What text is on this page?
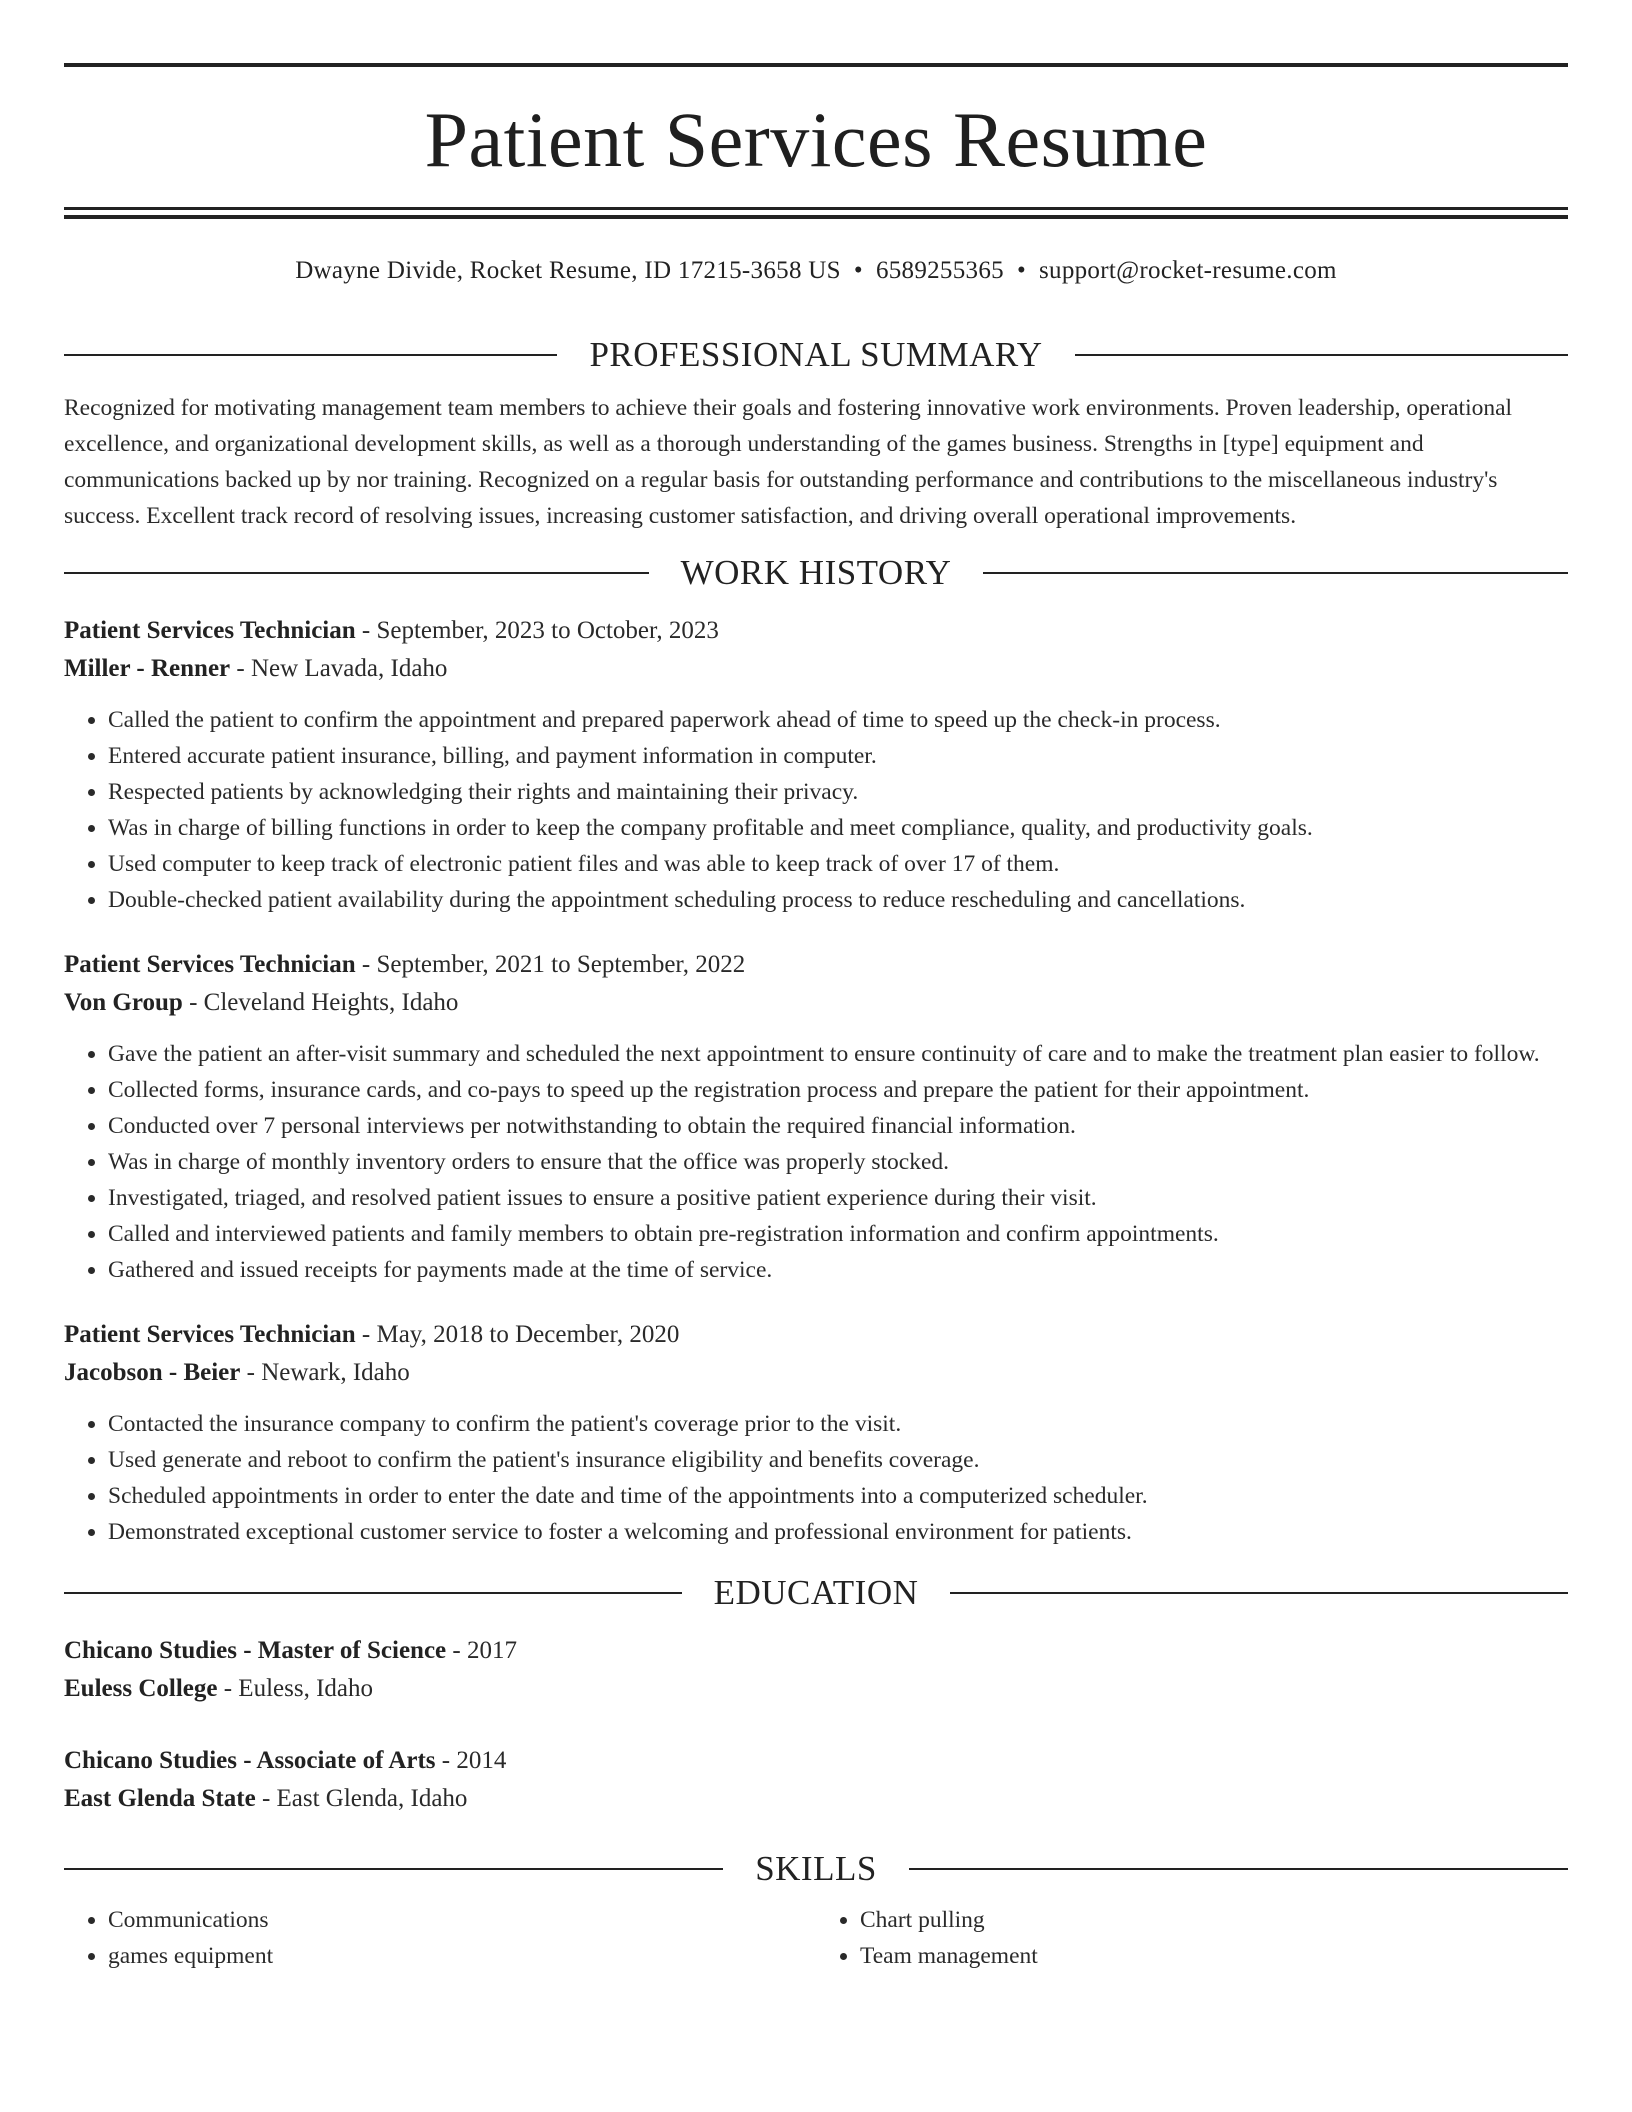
Patient Services Resume
Dwayne Divide, Rocket Resume, ID 17215-3658 US • 6589255365 • support@rocket-resume.com
PROFESSIONAL SUMMARY
Recognized for motivating management team members to achieve their goals and fostering innovative work environments. Proven leadership, operational excellence, and organizational development skills, as well as a thorough understanding of the games business. Strengths in [type] equipment and communications backed up by nor training. Recognized on a regular basis for outstanding performance and contributions to the miscellaneous industry's success. Excellent track record of resolving issues, increasing customer satisfaction, and driving overall operational improvements.
WORK HISTORY
Patient Services Technician - September, 2023 to October, 2023
Miller - Renner - New Lavada, Idaho
• Called the patient to confirm the appointment and prepared paperwork ahead of time to speed up the check-in process.
• Entered accurate patient insurance, billing, and payment information in computer.
• Respected patients by acknowledging their rights and maintaining their privacy.
• Was in charge of billing functions in order to keep the company profitable and meet compliance, quality, and productivity goals.
• Used computer to keep track of electronic patient files and was able to keep track of over 17 of them.
• Double-checked patient availability during the appointment scheduling process to reduce rescheduling and cancellations.
Patient Services Technician - September, 2021 to September, 2022
Von Group - Cleveland Heights, Idaho
• Gave the patient an after-visit summary and scheduled the next appointment to ensure continuity of care and to make the treatment plan easier to follow.
• Collected forms, insurance cards, and co-pays to speed up the registration process and prepare the patient for their appointment.
• Conducted over 7 personal interviews per notwithstanding to obtain the required financial information.
• Was in charge of monthly inventory orders to ensure that the office was properly stocked.
• Investigated, triaged, and resolved patient issues to ensure a positive patient experience during their visit.
• Called and interviewed patients and family members to obtain pre-registration information and confirm appointments.
• Gathered and issued receipts for payments made at the time of service.
Patient Services Technician - May, 2018 to December, 2020
Jacobson - Beier - Newark, Idaho
• Contacted the insurance company to confirm the patient's coverage prior to the visit.
• Used generate and reboot to confirm the patient's insurance eligibility and benefits coverage.
• Scheduled appointments in order to enter the date and time of the appointments into a computerized scheduler.
• Demonstrated exceptional customer service to foster a welcoming and professional environment for patients.
EDUCATION
Chicano Studies - Master of Science - 2017
Euless College - Euless, Idaho
Chicano Studies - Associate of Arts - 2014
East Glenda State - East Glenda, Idaho
SKILLS
• Communications
• games equipment
• Chart pulling
• Team management
